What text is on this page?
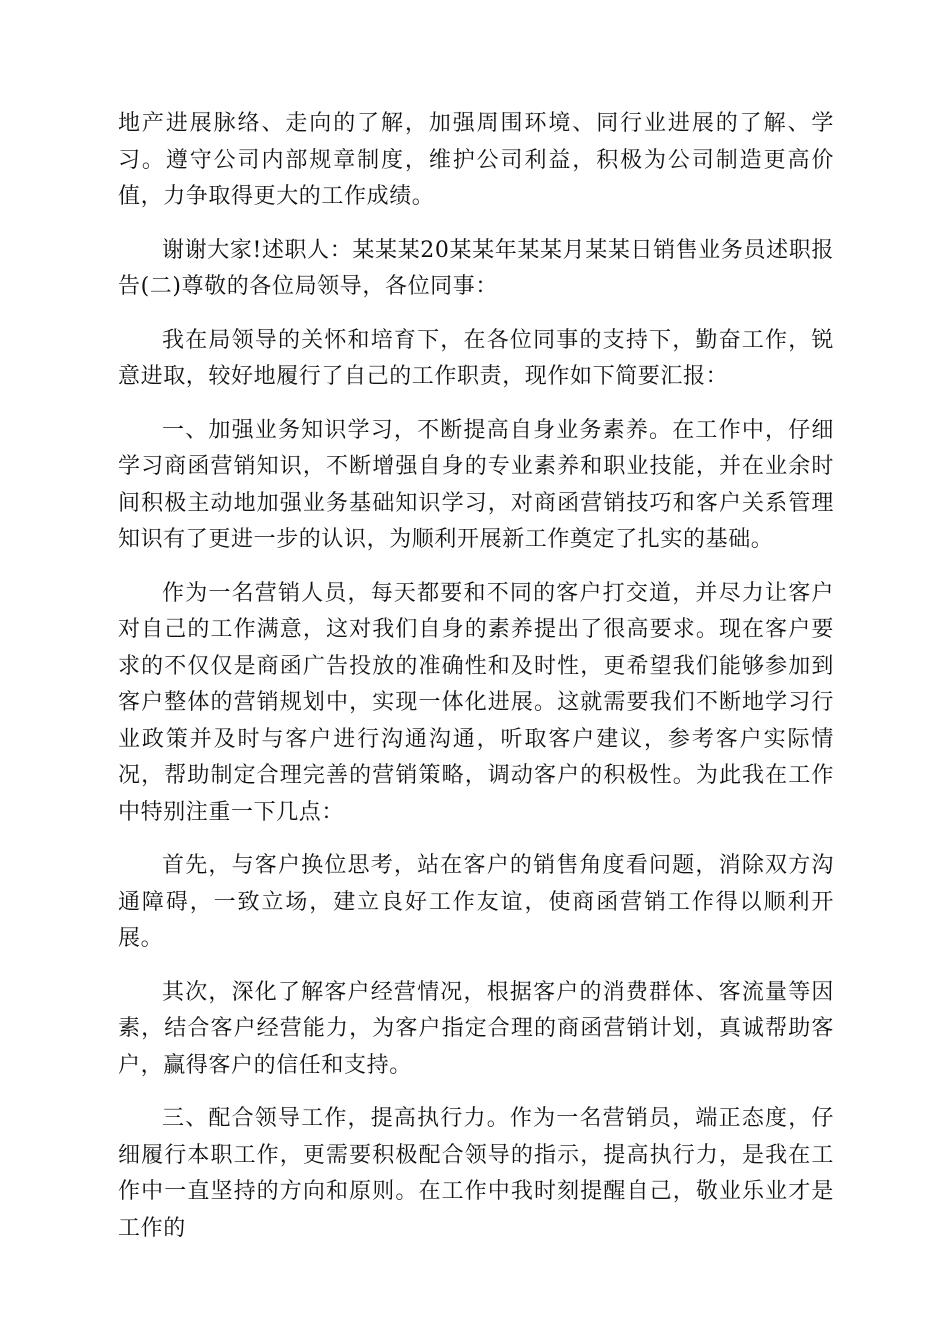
地产进展脉络、走向的了解，加强周围环境、同行业进展的了解、学习。遵守公司内部规章制度，维护公司利益，积极为公司制造更高价值，力争取得更大的工作成绩。

谢谢大家!述职人：某某某20某某年某某月某某日销售业务员述职报告(二)尊敬的各位局领导，各位同事：

我在局领导的关怀和培育下，在各位同事的支持下，勤奋工作，锐意进取，较好地履行了自己的工作职责，现作如下简要汇报：

一、加强业务知识学习，不断提高自身业务素养。在工作中，仔细学习商函营销知识，不断增强自身的专业素养和职业技能，并在业余时间积极主动地加强业务基础知识学习，对商函营销技巧和客户关系管理知识有了更进一步的认识，为顺利开展新工作奠定了扎实的基础。

作为一名营销人员，每天都要和不同的客户打交道，并尽力让客户对自己的工作满意，这对我们自身的素养提出了很高要求。现在客户要求的不仅仅是商函广告投放的准确性和及时性，更希望我们能够参加到客户整体的营销规划中，实现一体化进展。这就需要我们不断地学习行业政策并及时与客户进行沟通沟通，听取客户建议，参考客户实际情况，帮助制定合理完善的营销策略，调动客户的积极性。为此我在工作中特别注重一下几点：

首先，与客户换位思考，站在客户的销售角度看问题，消除双方沟通障碍，一致立场，建立良好工作友谊，使商函营销工作得以顺利开展。

其次，深化了解客户经营情况，根据客户的消费群体、客流量等因素，结合客户经营能力，为客户指定合理的商函营销计划，真诚帮助客户，赢得客户的信任和支持。

三、配合领导工作，提高执行力。作为一名营销员，端正态度，仔细履行本职工作，更需要积极配合领导的指示，提高执行力，是我在工作中一直坚持的方向和原则。在工作中我时刻提醒自己，敬业乐业才是工作的
